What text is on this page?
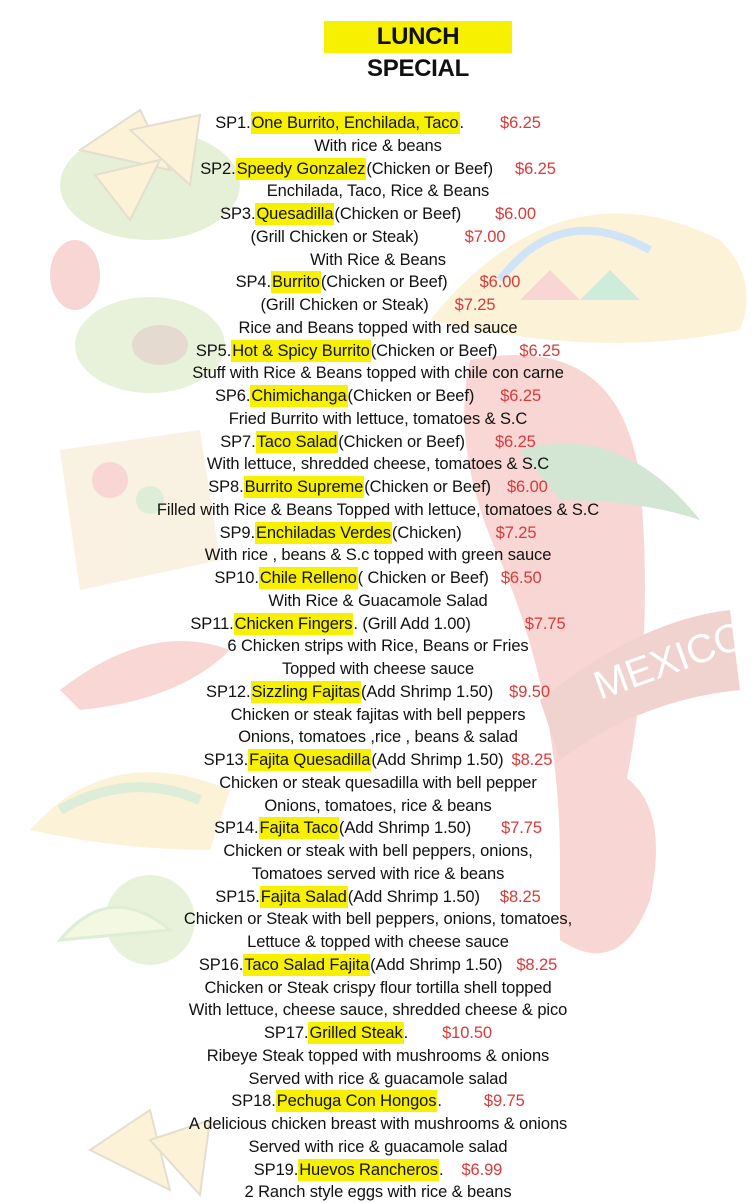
MEXICO
LUNCH SPECIAL
SP1. One Burrito, Enchilada, Taco . $6.25
With rice & beans
SP2. Speedy Gonzalez (Chicken or Beef) $6.25
Enchilada, Taco, Rice & Beans
SP3. Quesadilla (Chicken or Beef) $6.00
(Grill Chicken or Steak)	$7.00
With Rice & Beans
SP4. Burrito (Chicken or Beef) $6.00
(Grill Chicken or Steak) $7.25
Rice and Beans topped with red sauce
SP5. Hot & Spicy Burrito (Chicken or Beef) $6.25
Stuff with Rice & Beans topped with chile con carne
SP6. Chimichanga (Chicken or Beef) $6.25
Fried Burrito with lettuce, tomatoes & S.C
SP7. Taco Salad (Chicken or Beef) $6.25
With lettuce, shredded cheese, tomatoes & S.C
SP8. Burrito Supreme (Chicken or Beef) $6.00
Filled with Rice & Beans Topped with lettuce, tomatoes & S.C
SP9. Enchiladas Verdes (Chicken) $7.25
With rice , beans & S.c topped with green sauce
SP10. Chile Relleno ( Chicken or Beef) $6.50
With Rice & Guacamole Salad
SP11. Chicken Fingers . (Grill Add 1.00)	$7.75
6 Chicken strips with Rice, Beans or Fries
Topped with cheese sauce
SP12. Sizzling Fajitas (Add Shrimp 1.50) $9.50
Chicken or steak fajitas with bell peppers
Onions, tomatoes ,rice , beans & salad
SP13. Fajita Quesadilla (Add Shrimp 1.50) $8.25
Chicken or steak quesadilla with bell pepper
Onions, tomatoes, rice & beans
SP14. Fajita Taco (Add Shrimp 1.50) $7.75
Chicken or steak with bell peppers, onions,
Tomatoes served with rice & beans
SP15. Fajita Salad (Add Shrimp 1.50) $8.25
Chicken or Steak with bell peppers, onions, tomatoes,
Lettuce & topped with cheese sauce
SP16. Taco Salad Fajita (Add Shrimp 1.50) $8.25
Chicken or Steak crispy flour tortilla shell topped
With lettuce, cheese sauce, shredded cheese & pico
SP17. Grilled Steak . $10.50
Ribeye Steak topped with mushrooms & onions
Served with rice & guacamole salad
SP18. Pechuga Con Hongos .	$9.75
A delicious chicken breast with mushrooms & onions
Served with rice & guacamole salad
SP19. Huevos Rancheros . $6.99
2 Ranch style eggs with rice & beans
